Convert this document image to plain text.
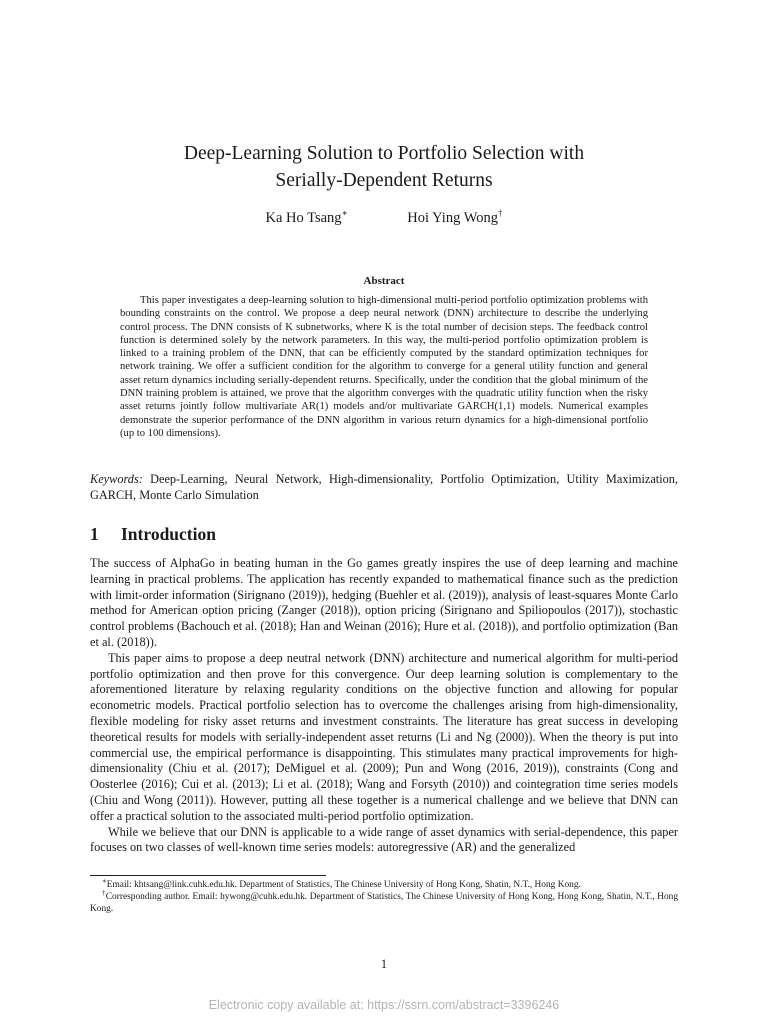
Deep-Learning Solution to Portfolio Selection with
Serially-Dependent Returns
Ka Ho Tsang∗	Hoi Ying Wong†
Abstract

This paper investigates a deep-learning solution to high-dimensional multi-period portfolio optimization problems with bounding constraints on the control. We propose a deep neural network (DNN) architecture to describe the underlying control process. The DNN consists of K subnetworks, where K is the total number of decision steps. The feedback control function is determined solely by the network parameters. In this way, the multi-period portfolio optimization problem is linked to a training problem of the DNN, that can be efficiently computed by the standard optimization techniques for network training. We offer a sufficient condition for the algorithm to converge for a general utility function and general asset return dynamics including serially-dependent returns. Specifically, under the condition that the global minimum of the DNN training problem is attained, we prove that the algorithm converges with the quadratic utility function when the risky asset returns jointly follow multivariate AR(1) models and/or multivariate GARCH(1,1) models. Numerical examples demonstrate the superior performance of the DNN algorithm in various return dynamics for a high-dimensional portfolio (up to 100 dimensions).

Keywords: Deep-Learning, Neural Network, High-dimensionality, Portfolio Optimization, Utility Maximization, GARCH, Monte Carlo Simulation

1 Introduction

The success of AlphaGo in beating human in the Go games greatly inspires the use of deep learning and machine learning in practical problems. The application has recently expanded to mathematical finance such as the prediction with limit-order information (Sirignano (2019)), hedging (Buehler et al. (2019)), analysis of least-squares Monte Carlo method for American option pricing (Zanger (2018)), option pricing (Sirignano and Spiliopoulos (2017)), stochastic control problems (Bachouch et al. (2018); Han and Weinan (2016); Hure et al. (2018)), and portfolio optimization (Ban et al. (2018)).

This paper aims to propose a deep neutral network (DNN) architecture and numerical algorithm for multi-period portfolio optimization and then prove for this convergence. Our deep learning solution is complementary to the aforementioned literature by relaxing regularity conditions on the objective function and allowing for popular econometric models. Practical portfolio selection has to overcome the challenges arising from high-dimensionality, flexible modeling for risky asset returns and investment constraints. The literature has great success in developing theoretical results for models with serially-independent asset returns (Li and Ng (2000)). When the theory is put into commercial use, the empirical performance is disappointing. This stimulates many practical improvements for high-dimensionality (Chiu et al. (2017); DeMiguel et al. (2009); Pun and Wong (2016, 2019)), constraints (Cong and Oosterlee (2016); Cui et al. (2013); Li et al. (2018); Wang and Forsyth (2010)) and cointegration time series models (Chiu and Wong (2011)). However, putting all these together is a numerical challenge and we believe that DNN can offer a practical solution to the associated multi-period portfolio optimization.

While we believe that our DNN is applicable to a wide range of asset dynamics with serial-dependence, this paper focuses on two classes of well-known time series models: autoregressive (AR) and the generalized

∗Email: khtsang@link.cuhk.edu.hk. Department of Statistics, The Chinese University of Hong Kong, Shatin, N.T., Hong Kong.

†Corresponding author. Email: hywong@cuhk.edu.hk. Department of Statistics, The Chinese University of Hong Kong, Hong Kong, Shatin, N.T., Hong Kong.

1
Electronic copy available at: https://ssrn.com/abstract=3396246
